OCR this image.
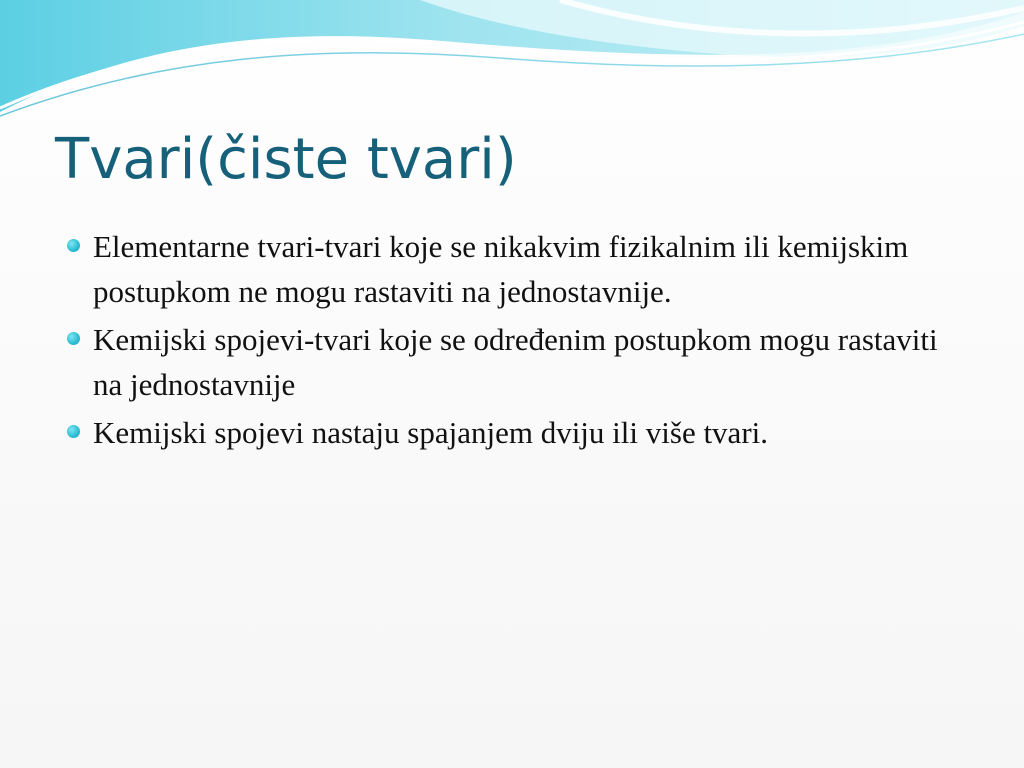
Tvari(čiste tvari)
Elementarne tvari-tvari koje se nikakvim fizikalnim ili kemijskim postupkom ne mogu rastaviti na jednostavnije.
Kemijski spojevi-tvari koje se određenim postupkom mogu rastaviti na jednostavnije
Kemijski spojevi nastaju spajanjem dviju ili više tvari.
